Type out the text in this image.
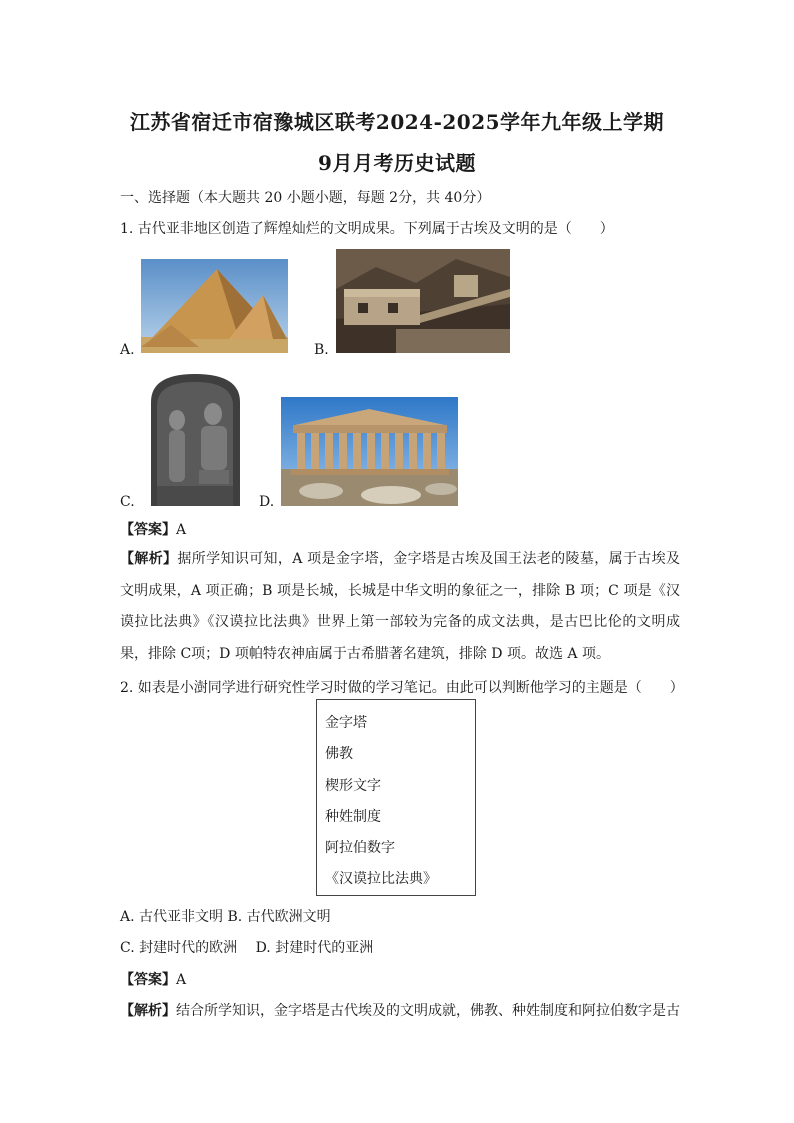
江苏省宿迁市宿豫城区联考2024-2025学年九年级上学期
9月月考历史试题
一、选择题（本大题共 20 小题小题，每题 2分，共 40分）
1. 古代亚非地区创造了辉煌灿烂的文明成果。下列属于古埃及文明的是（　　）
A.	B.
C.	D.
【答案】A
【解析】据所学知识可知，A 项是金字塔，金字塔是古埃及国王法老的陵墓，属于古埃及文明成果，A 项正确；B 项是长城，长城是中华文明的象征之一，排除 B 项；C 项是《汉谟拉比法典》《汉谟拉比法典》世界上第一部较为完备的成文法典，是古巴比伦的文明成果，排除 C项；D 项帕特农神庙属于古希腊著名建筑，排除 D 项。故选 A 项。
2. 如表是小澍同学进行研究性学习时做的学习笔记。由此可以判断他学习的主题是（　　）
金字塔
佛教
楔形文字
种姓制度
阿拉伯数字
《汉谟拉比法典》
A. 古代亚非文明 B. 古代欧洲文明
C. 封建时代的欧洲　 D. 封建时代的亚洲
【答案】A
【解析】结合所学知识，金字塔是古代埃及的文明成就，佛教、种姓制度和阿拉伯数字是古
